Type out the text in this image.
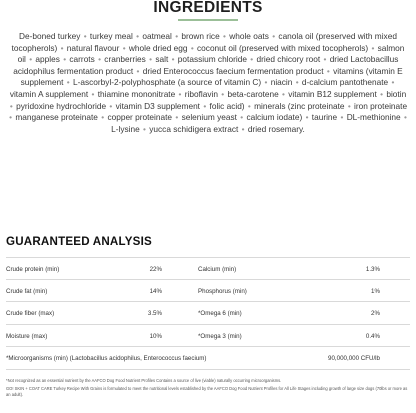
INGREDIENTS
De-boned turkey • turkey meal • oatmeal • brown rice • whole oats • canola oil (preserved with mixed tocopherols) • natural flavour • whole dried egg • coconut oil (preserved with mixed tocopherols) • salmon oil • apples • carrots • cranberries • salt • potassium chloride • dried chicory root • dried Lactobacillus acidophilus fermentation product • dried Enterococcus faecium fermentation product • vitamins (vitamin E supplement • L-ascorbyl-2-polyphosphate (a source of vitamin C) • niacin • d-calcium pantothenate • vitamin A supplement • thiamine mononitrate • riboflavin • beta-carotene • vitamin B12 supplement • biotin • pyridoxine hydrochloride • vitamin D3 supplement • folic acid) • minerals (zinc proteinate • iron proteinate • manganese proteinate • copper proteinate • selenium yeast • calcium iodate) • taurine • DL-methionine • L-lysine • yucca schidigera extract • dried rosemary.
GUARANTEED ANALYSIS
Crude protein (min)	22%	Calcium (min)	1.3%
Crude fat (min)	14%	Phosphorus (min)	1%
Crude fiber (max)	3.5%	*Omega 6 (min)	2%
Moisture (max)	10%	*Omega 3 (min)	0.4%
*Microorganisms (min) (Lactobacillus acidophilus, Enterococcus faecium)	90,000,000 CFU/lb

*Not recognized as an essential nutrient by the AAFCO Dog Food Nutrient Profiles Contains a source of live (viable) naturally occurring microorganisms.

GO! SKIN + COAT CARE Turkey Recipe With Grains is formulated to meet the nutritional levels established by the AAFCO Dog Food Nutrient Profiles for All Life Stages including growth of large size dogs (70lbs or more as an adult).
